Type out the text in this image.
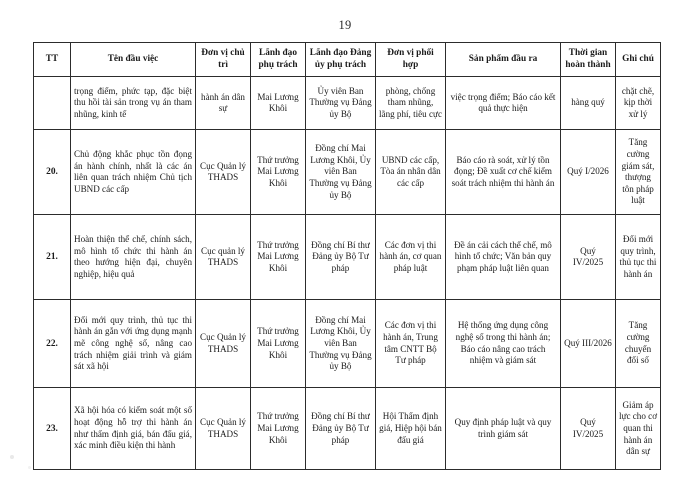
19
TT	Tên đầu việc	Đơn vị chủ trì	Lãnh đạo phụ trách	Lãnh đạo Đảng ủy phụ trách	Đơn vị phối hợp	Sản phẩm đầu ra	Thời gian hoàn thành	Ghi chú
	trọng điểm, phức tạp, đặc biệt thu hồi tài sản trong vụ án tham nhũng, kinh tế	hành án dân sự	Mai Lương Khôi	Ủy viên Ban Thường vụ Đảng ủy Bộ	phòng, chống tham nhũng, lãng phí, tiêu cực	việc trọng điểm; Báo cáo kết quả thực hiện	hàng quý	chặt chẽ, kịp thời xử lý
20.	Chủ động khắc phục tồn đọng án hành chính, nhất là các án liên quan trách nhiệm Chủ tịch UBND các cấp	Cục Quản lý THADS	Thứ trưởng Mai Lương Khôi	Đồng chí Mai Lương Khôi, Ủy viên Ban Thường vụ Đảng ủy Bộ	UBND các cấp, Tòa án nhân dân các cấp	Báo cáo rà soát, xử lý tồn đọng; Đề xuất cơ chế kiểm soát trách nhiệm thi hành án	Quý I/2026	Tăng cường giám sát, thượng tôn pháp luật
21.	Hoàn thiện thể chế, chính sách, mô hình tổ chức thi hành án theo hướng hiện đại, chuyên nghiệp, hiệu quả	Cục quản lý THADS	Thứ trưởng Mai Lương Khôi	Đồng chí Bí thư Đảng ủy Bộ Tư pháp	Các đơn vị thi hành án, cơ quan pháp luật	Đề án cải cách thể chế, mô hình tổ chức; Văn bản quy phạm pháp luật liên quan	Quý IV/2025	Đổi mới quy trình, thủ tục thi hành án
22.	Đổi mới quy trình, thủ tục thi hành án gắn với ứng dụng mạnh mẽ công nghệ số, nâng cao trách nhiệm giải trình và giám sát xã hội	Cục Quản lý THADS	Thứ trưởng Mai Lương Khôi	Đồng chí Mai Lương Khôi, Ủy viên Ban Thường vụ Đảng ủy Bộ	Các đơn vị thi hành án, Trung tâm CNTT Bộ Tư pháp	Hệ thống ứng dụng công nghệ số trong thi hành án; Báo cáo nâng cao trách nhiệm và giám sát	Quý III/2026	Tăng cường chuyển đổi số
23.	Xã hội hóa có kiểm soát một số hoạt động hỗ trợ thi hành án như thẩm định giá, bán đấu giá, xác minh điều kiện thi hành	Cục Quản lý THADS	Thứ trưởng Mai Lương Khôi	Đồng chí Bí thư Đảng ủy Bộ Tư pháp	Hội Thẩm định giá, Hiệp hội bán đấu giá	Quy định pháp luật và quy trình giám sát	Quý IV/2025	Giảm áp lực cho cơ quan thi hành án dân sự
